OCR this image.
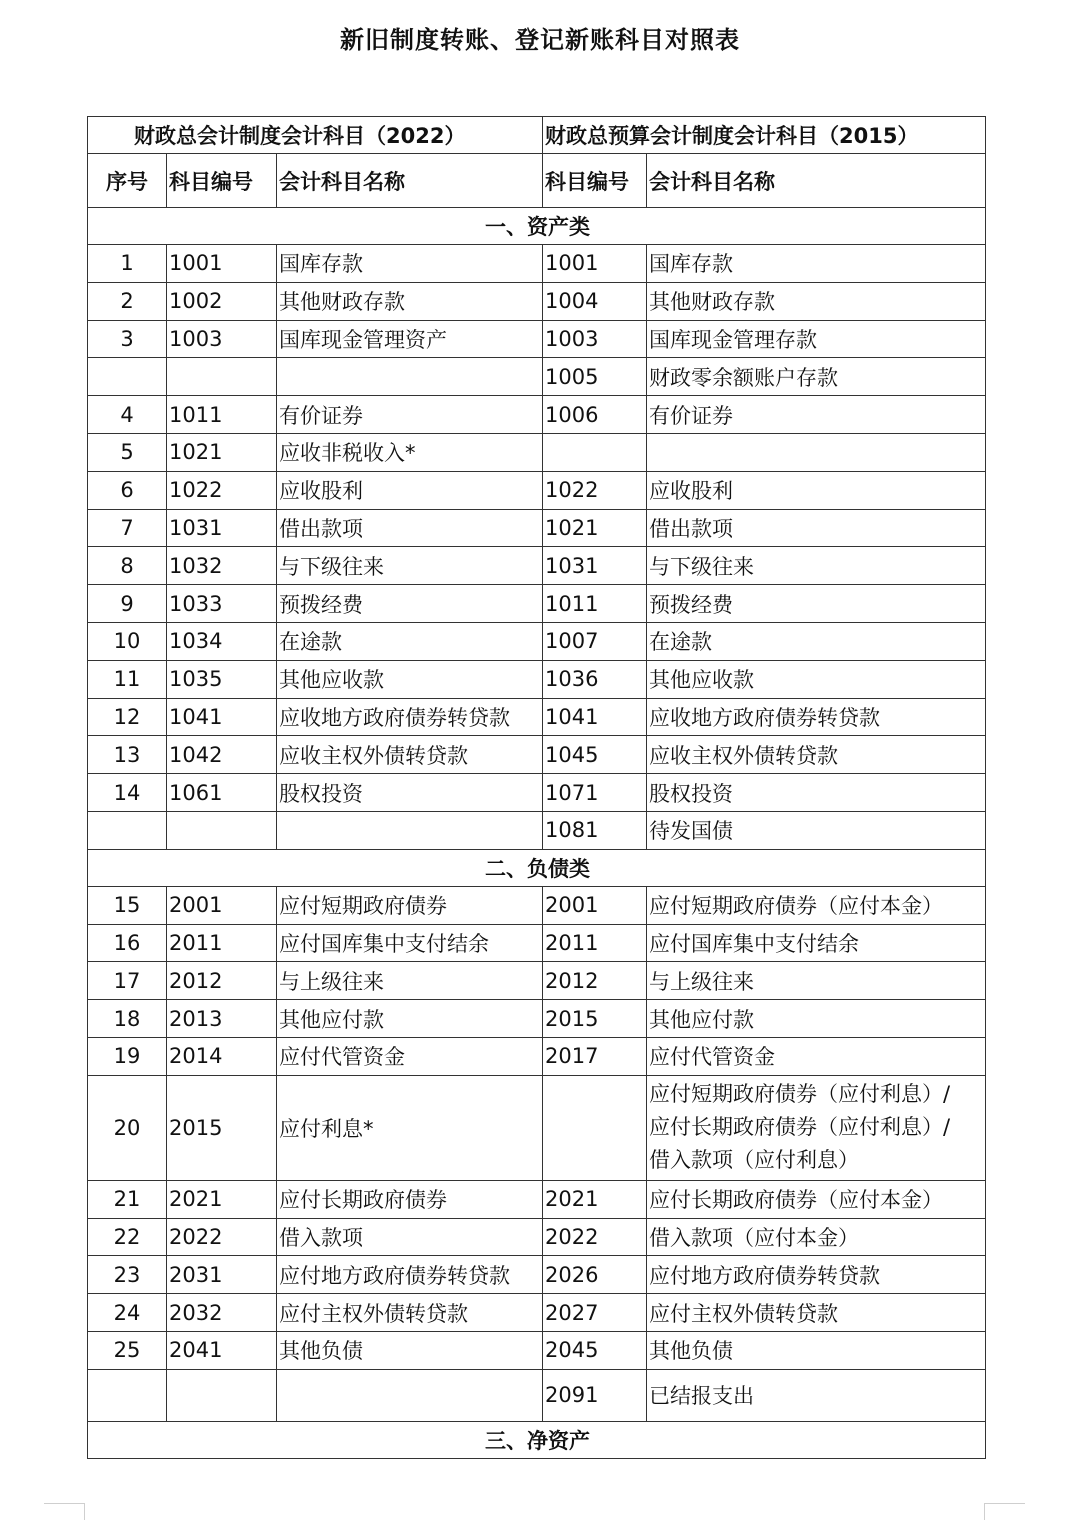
新旧制度转账、登记新账科目对照表
财政总会计制度会计科目（2022）			财政总预算会计制度会计科目（2015）	
序号	科目编号	会计科目名称	科目编号	会计科目名称
一、资产类				
1	1001	国库存款	1001	国库存款
2	1002	其他财政存款	1004	其他财政存款
3	1003	国库现金管理资产	1003	国库现金管理存款
			1005	财政零余额账户存款
4	1011	有价证券	1006	有价证券
5	1021	应收非税收入*		
6	1022	应收股利	1022	应收股利
7	1031	借出款项	1021	借出款项
8	1032	与下级往来	1031	与下级往来
9	1033	预拨经费	1011	预拨经费
10	1034	在途款	1007	在途款
11	1035	其他应收款	1036	其他应收款
12	1041	应收地方政府债券转贷款	1041	应收地方政府债券转贷款
13	1042	应收主权外债转贷款	1045	应收主权外债转贷款
14	1061	股权投资	1071	股权投资
			1081	待发国债
二、负债类				
15	2001	应付短期政府债券	2001	应付短期政府债券（应付本金）
16	2011	应付国库集中支付结余	2011	应付国库集中支付结余
17	2012	与上级往来	2012	与上级往来
18	2013	其他应付款	2015	其他应付款
19	2014	应付代管资金	2017	应付代管资金
20	2015	应付利息*		应付短期政府债券（应付利息）/
应付长期政府债券（应付利息）/
借入款项（应付利息）

21	2021	应付长期政府债券	2021	应付长期政府债券（应付本金）
22	2022	借入款项	2022	借入款项（应付本金）
23	2031	应付地方政府债券转贷款	2026	应付地方政府债券转贷款
24	2032	应付主权外债转贷款	2027	应付主权外债转贷款
25	2041	其他负债	2045	其他负债
			2091	已结报支出
三、净资产				
